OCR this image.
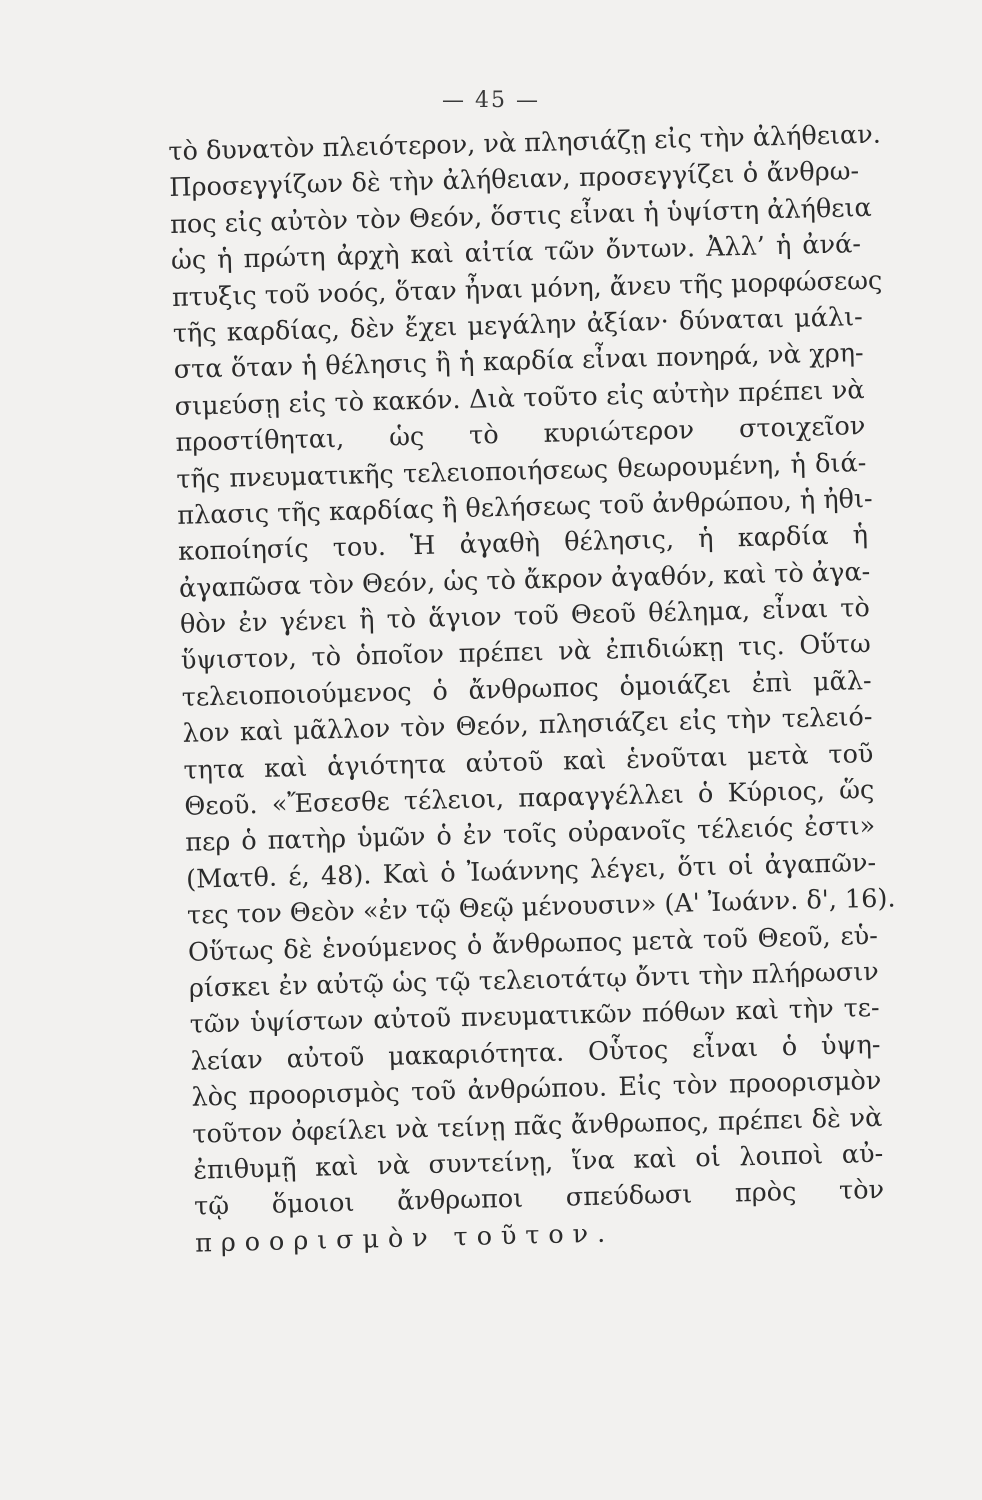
— 45 —
τὸ δυνατὸν πλειότερον, νὰ πλησιάζῃ εἰς τὴν ἀλήθειαν.
Προσεγγίζων δὲ τὴν ἀλήθειαν, προσεγγίζει ὁ ἄνθρω-
πος εἰς αὐτὸν τὸν Θεόν, ὅστις εἶναι ἡ ὑψίστη ἀλήθεια
ὡς ἡ πρώτη ἀρχὴ καὶ αἰτία τῶν ὄντων. Ἀλλ’ ἡ ἀνά-
πτυξις τοῦ νοός, ὅταν ἦναι μόνη, ἄνευ τῆς μορφώσεως
τῆς καρδίας, δὲν ἔχει μεγάλην ἀξίαν· δύναται μάλι-
στα ὅταν ἡ θέλησις ἢ ἡ καρδία εἶναι πονηρά, νὰ χρη-
σιμεύσῃ εἰς τὸ κακόν. Διὰ τοῦτο εἰς αὐτὴν πρέπει νὰ
προστίθηται, ὡς τὸ κυριώτερον στοιχεῖον
τῆς πνευματικῆς τελειοποιήσεως θεωρουμένη, ἡ διά-
πλασις τῆς καρδίας ἢ θελήσεως τοῦ ἀνθρώπου, ἡ ἠθι-
κοποίησίς του. Ἡ ἀγαθὴ θέλησις, ἡ καρδία ἡ
ἀγαπῶσα τὸν Θεόν, ὡς τὸ ἄκρον ἀγαθόν, καὶ τὸ ἀγα-
θὸν ἐν γένει ἢ τὸ ἅγιον τοῦ Θεοῦ θέλημα, εἶναι τὸ
ὕψιστον, τὸ ὁποῖον πρέπει νὰ ἐπιδιώκῃ τις. Οὕτω
τελειοποιούμενος ὁ ἄνθρωπος ὁμοιάζει ἐπὶ μᾶλ-
λον καὶ μᾶλλον τὸν Θεόν, πλησιάζει εἰς τὴν τελειό-
τητα καὶ ἁγιότητα αὐτοῦ καὶ ἑνοῦται μετὰ τοῦ
Θεοῦ. «Ἔσεσθε τέλειοι, παραγγέλλει ὁ Κύριος, ὥς
περ ὁ πατὴρ ὑμῶν ὁ ἐν τοῖς οὐρανοῖς τέλειός ἐστι»
(Ματθ. έ, 48). Καὶ ὁ Ἰωάννης λέγει, ὅτι οἱ ἀγαπῶν-
τες τον Θεὸν «ἐν τῷ Θεῷ μένουσιν» (Α' Ἰωάνν. δ', 16).
Οὕτως δὲ ἑνούμενος ὁ ἄνθρωπος μετὰ τοῦ Θεοῦ, εὑ-
ρίσκει ἐν αὐτῷ ὡς τῷ τελειοτάτῳ ὄντι τὴν πλήρωσιν
τῶν ὑψίστων αὐτοῦ πνευματικῶν πόθων καὶ τὴν τε-
λείαν αὐτοῦ μακαριότητα. Οὗτος εἶναι ὁ ὑψη-
λὸς προορισμὸς τοῦ ἀνθρώπου. Εἰς τὸν προορισμὸν
τοῦτον ὀφείλει νὰ τείνῃ πᾶς ἄνθρωπος, πρέπει δὲ νὰ
ἐπιθυμῇ καὶ νὰ συντείνῃ, ἵνα καὶ οἱ λοιποὶ αὐ-
τῷ ὅμοιοι ἄνθρωποι σπεύδωσι πρὸς τὸν
προορισμὸν τοῦτον.
